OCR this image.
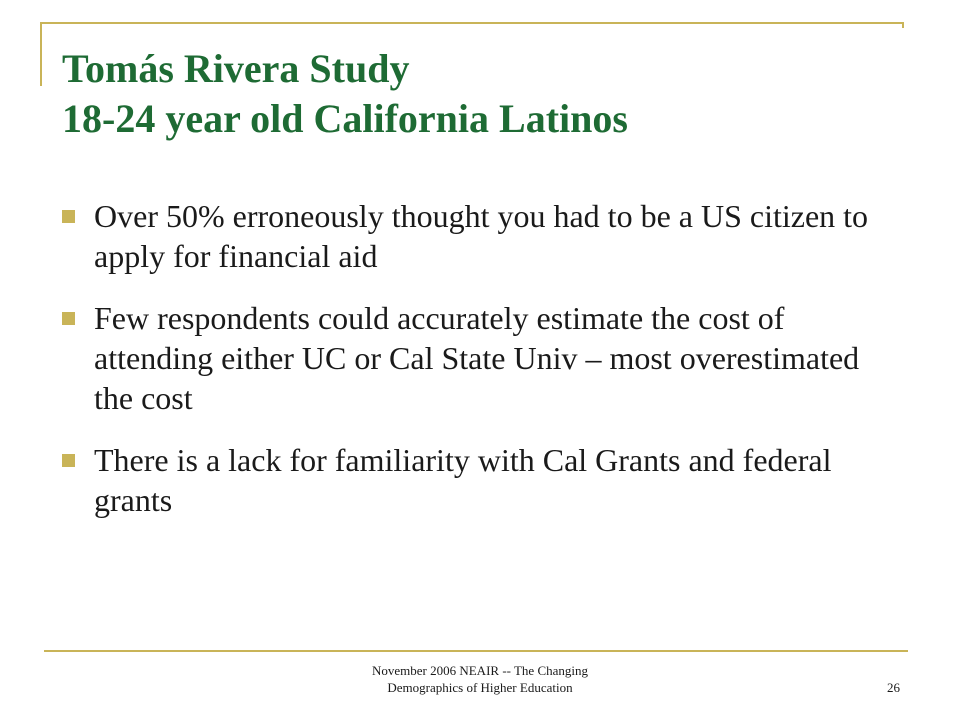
Tomás Rivera Study
18-24 year old California Latinos
Over 50% erroneously thought you had to be a US citizen to apply for financial aid
Few respondents could accurately estimate the cost of attending either UC or Cal State Univ – most overestimated the cost
There is a lack for familiarity with Cal Grants and federal grants
November 2006 NEAIR -- The Changing
Demographics of Higher Education	26
